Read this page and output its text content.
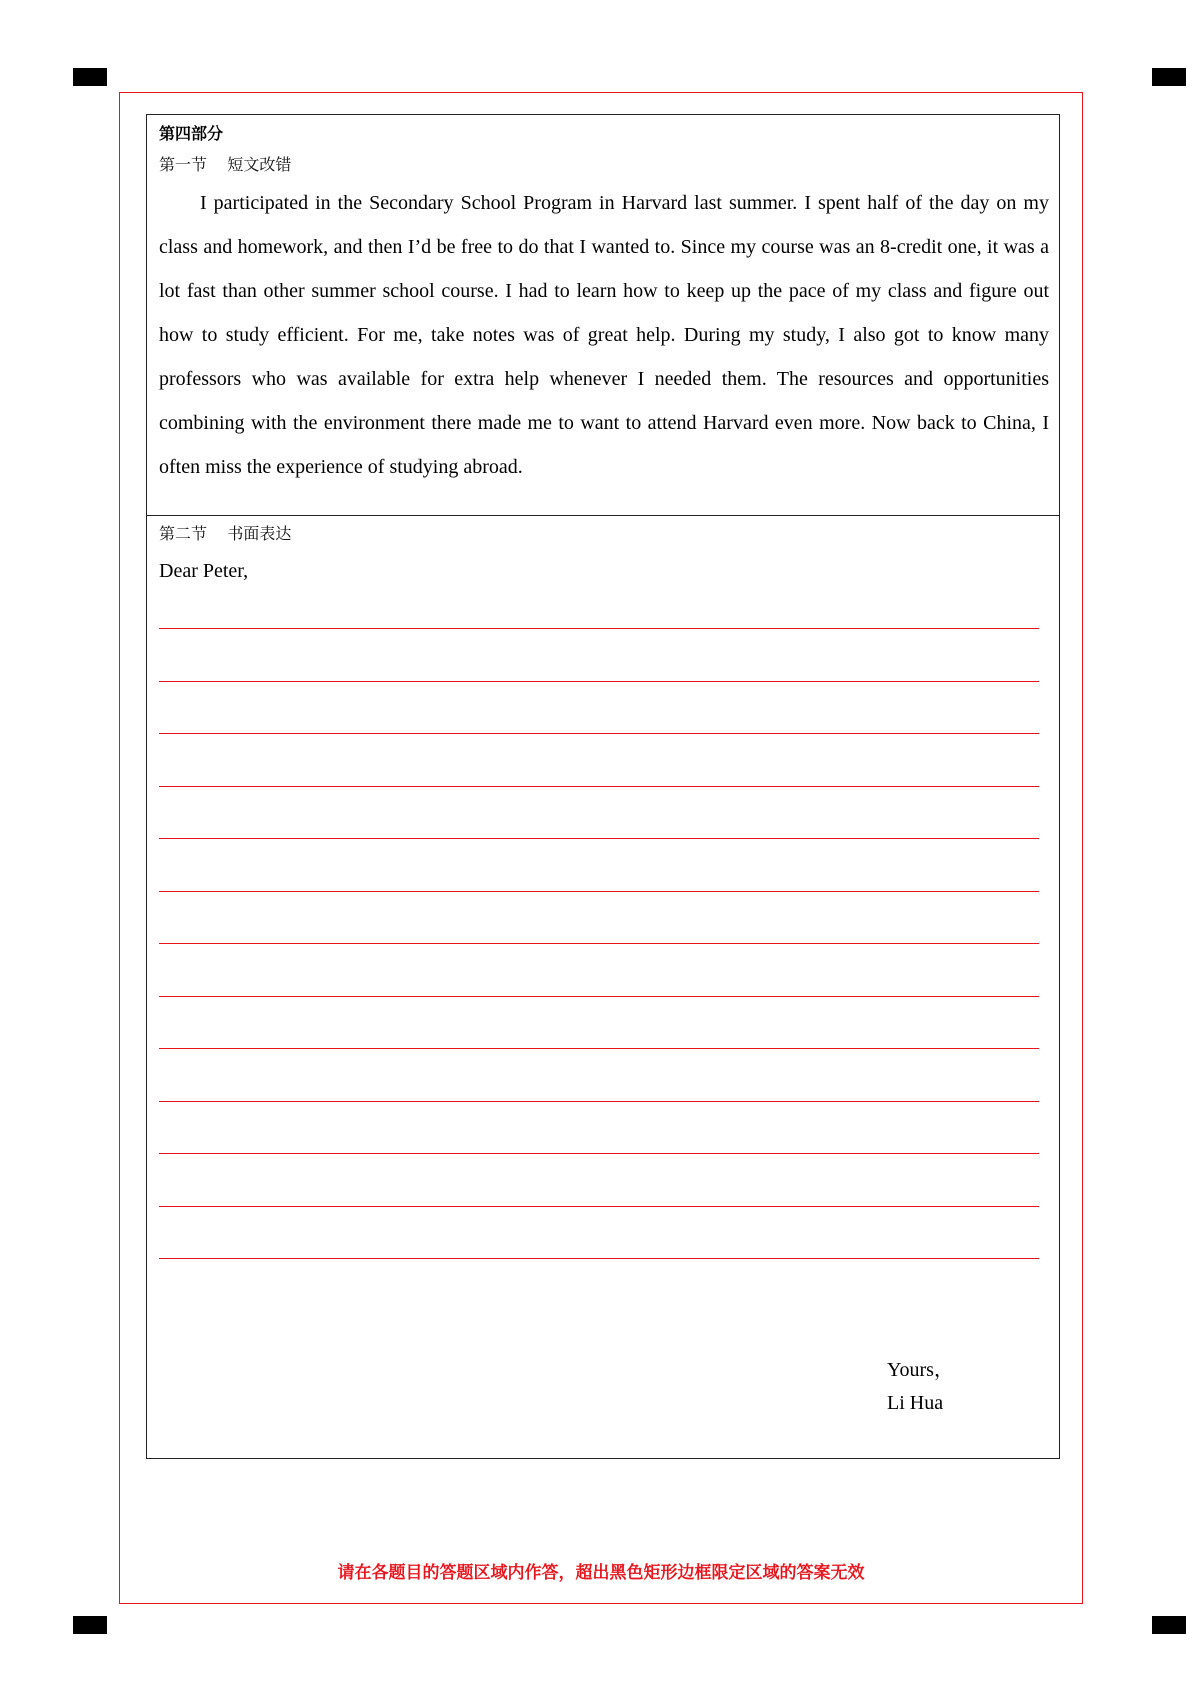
第四部分
第一节 短文改错

I participated in the Secondary School Program in Harvard last summer. I spent half of the day on my class and homework, and then I’d be free to do that I wanted to. Since my course was an 8-credit one, it was a lot fast than other summer school course. I had to learn how to keep up the pace of my class and figure out how to study efficient. For me, take notes was of great help. During my study, I also got to know many professors who was available for extra help whenever I needed them. The resources and opportunities combining with the environment there made me to want to attend Harvard even more. Now back to China, I often miss the experience of studying abroad.

第二节 书面表达
Dear Peter,
Yours，
Li Hua
请在各题目的答题区域内作答，超出黑色矩形边框限定区域的答案无效
